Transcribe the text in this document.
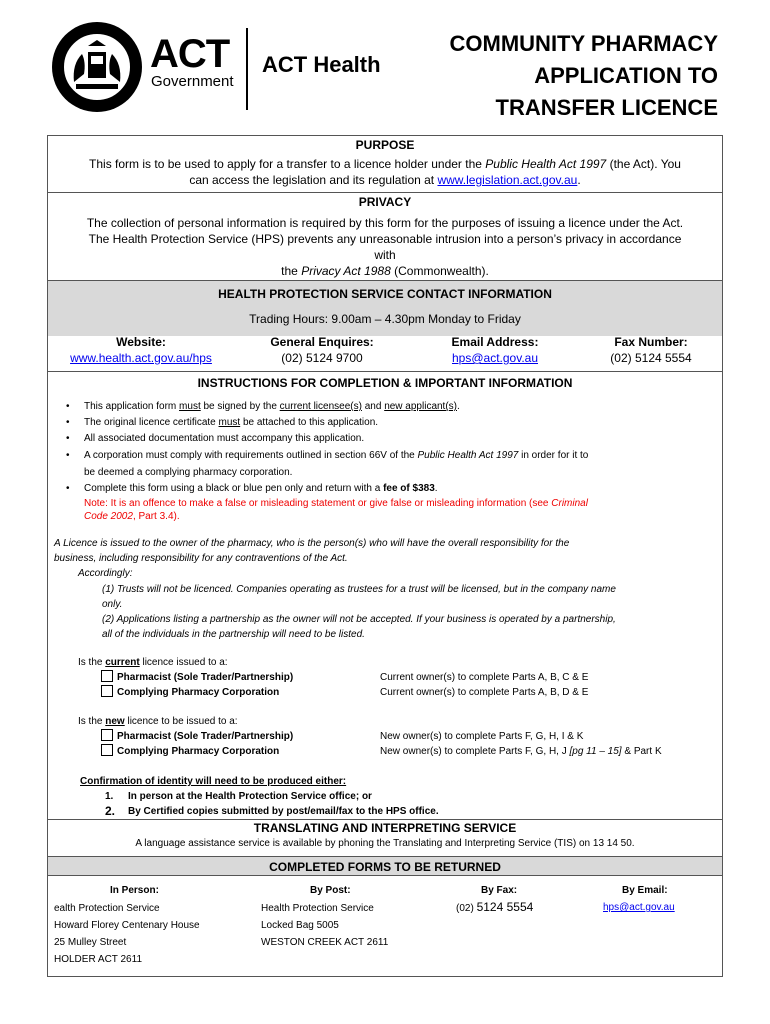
ACT
Government
ACT Health
COMMUNITY PHARMACY
APPLICATION TO
TRANSFER LICENCE
PURPOSE
This form is to be used to apply for a transfer to a licence holder under the Public Health Act 1997 (the Act). You
can access the legislation and its regulation at www.legislation.act.gov.au.
PRIVACY
The collection of personal information is required by this form for the purposes of issuing a licence under the Act.
The Health Protection Service (HPS) prevents any unreasonable intrusion into a person’s privacy in accordance
with
the Privacy Act 1988 (Commonwealth).
HEALTH PROTECTION SERVICE CONTACT INFORMATION
Trading Hours: 9.00am – 4.30pm Monday to Friday
Website:
www.health.act.gov.au/hps
General Enquires:
(02) 5124 9700
Email Address:
hps@act.gov.au
Fax Number:
(02) 5124 5554
INSTRUCTIONS FOR COMPLETION & IMPORTANT INFORMATION
• This application form must be signed by the current licensee(s) and new applicant(s).
• The original licence certificate must be attached to this application.
• All associated documentation must accompany this application.
• A corporation must comply with requirements outlined in section 66V of the Public Health Act 1997 in order for it to
be deemed a complying pharmacy corporation.
• Complete this form using a black or blue pen only and return with a fee of $383.
Note: It is an offence to make a false or misleading statement or give false or misleading information (see Criminal
Code 2002, Part 3.4).
A Licence is issued to the owner of the pharmacy, who is the person(s) who will have the overall responsibility for the
business, including responsibility for any contraventions of the Act.
Accordingly:
(1) Trusts will not be licenced. Companies operating as trustees for a trust will be licensed, but in the company name
only.
(2) Applications listing a partnership as the owner will not be accepted. If your business is operated by a partnership,
all of the individuals in the partnership will need to be listed.
Is the current licence issued to a:
Pharmacist (Sole Trader/Partnership)	Current owner(s) to complete Parts A, B, C & E
Complying Pharmacy Corporation	Current owner(s) to complete Parts A, B, D & E
Is the new licence to be issued to a:
Pharmacist (Sole Trader/Partnership)	New owner(s) to complete Parts F, G, H, I & K
Complying Pharmacy Corporation	New owner(s) to complete Parts F, G, H, J [pg 11 – 15] & Part K
Confirmation of identity will need to be produced either:
1. In person at the Health Protection Service office; or
2. By Certified copies submitted by post/email/fax to the HPS office.
TRANSLATING AND INTERPRETING SERVICE
A language assistance service is available by phoning the Translating and Interpreting Service (TIS) on 13 14 50.
COMPLETED FORMS TO BE RETURNED
In Person:
ealth Protection Service
Howard Florey Centenary House
25 Mulley Street
HOLDER ACT 2611
By Post:
Health Protection Service
Locked Bag 5005
WESTON CREEK ACT 2611
By Fax:
(02) 5124 5554
By Email:
hps@act.gov.au
